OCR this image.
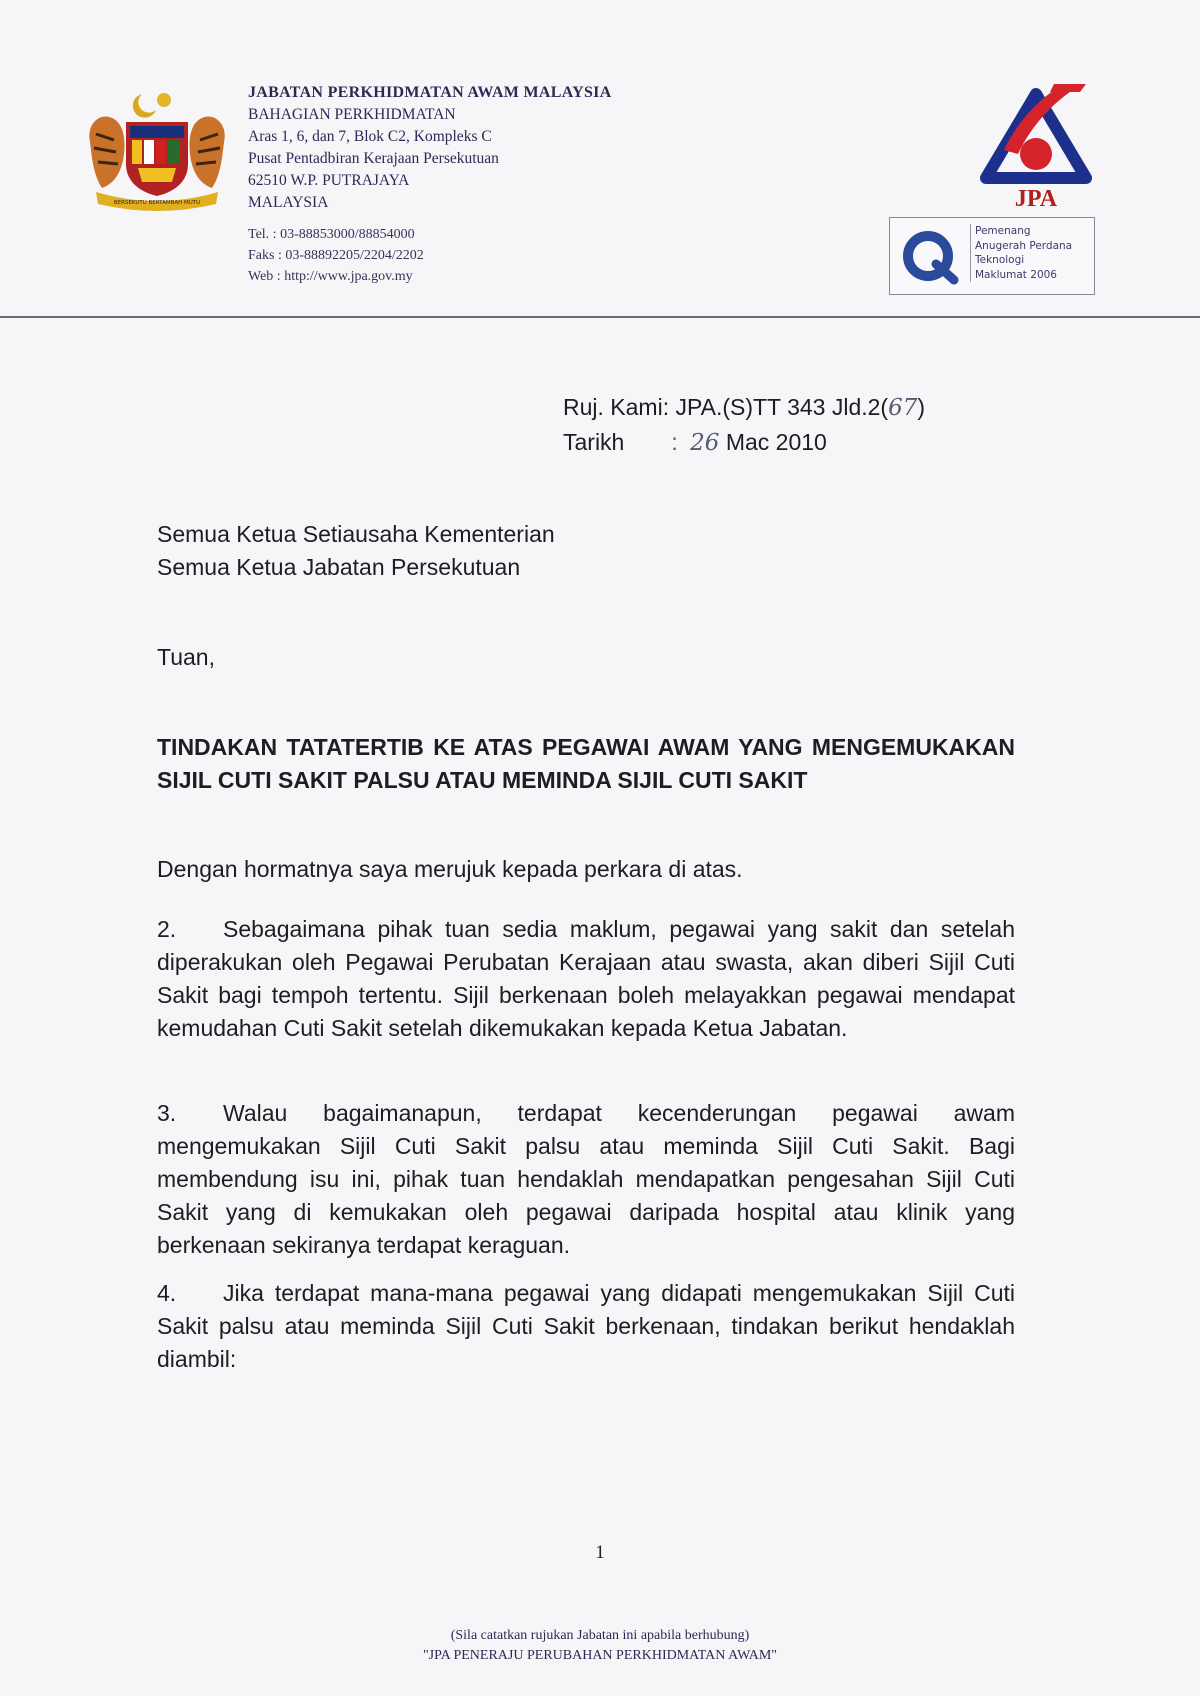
BERSEKUTU BERTAMBAH MUTU
JABATAN PERKHIDMATAN AWAM MALAYSIA
BAHAGIAN PERKHIDMATAN
Aras 1, 6, dan 7, Blok C2, Kompleks C
Pusat Pentadbiran Kerajaan Persekutuan
62510 W.P. PUTRAJAYA
MALAYSIA
Tel. : 03-88853000/88854000
Faks : 03-88892205/2204/2202
Web : http://www.jpa.gov.my
JPA
Q	Pemenang
Anugerah Perdana
Teknologi
Maklumat 2006
Ruj. Kami: JPA.(S)TT 343 Jld.2(67)
Tarikh : 26 Mac 2010
Semua Ketua Setiausaha Kementerian
Semua Ketua Jabatan Persekutuan
Tuan,
TINDAKAN TATATERTIB KE ATAS PEGAWAI AWAM YANG MENGEMUKAKAN SIJIL CUTI SAKIT PALSU ATAU MEMINDA SIJIL CUTI SAKIT
Dengan hormatnya saya merujuk kepada perkara di atas.
2. Sebagaimana pihak tuan sedia maklum, pegawai yang sakit dan setelah diperakukan oleh Pegawai Perubatan Kerajaan atau swasta, akan diberi Sijil Cuti Sakit bagi tempoh tertentu. Sijil berkenaan boleh melayakkan pegawai mendapat kemudahan Cuti Sakit setelah dikemukakan kepada Ketua Jabatan.
3. Walau bagaimanapun, terdapat kecenderungan pegawai awam mengemukakan Sijil Cuti Sakit palsu atau meminda Sijil Cuti Sakit. Bagi membendung isu ini, pihak tuan hendaklah mendapatkan pengesahan Sijil Cuti Sakit yang di kemukakan oleh pegawai daripada hospital atau klinik yang berkenaan sekiranya terdapat keraguan.
4. Jika terdapat mana-mana pegawai yang didapati mengemukakan Sijil Cuti Sakit palsu atau meminda Sijil Cuti Sakit berkenaan, tindakan berikut hendaklah diambil:
1
(Sila catatkan rujukan Jabatan ini apabila berhubung)
"JPA PENERAJU PERUBAHAN PERKHIDMATAN AWAM"
